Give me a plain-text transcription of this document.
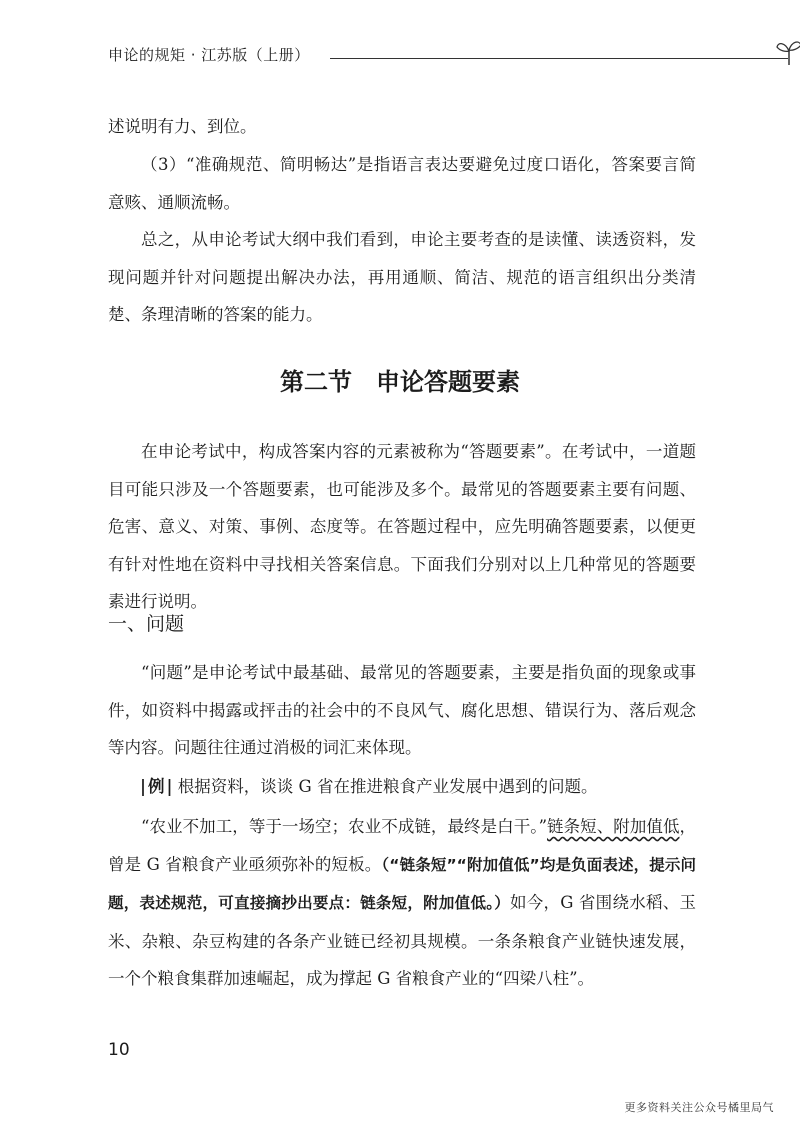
申论的规矩 · 江苏版（上册）

述说明有力、到位。

（3）“准确规范、简明畅达”是指语言表达要避免过度口语化，答案要言简意赅、通顺流畅。

总之，从申论考试大纲中我们看到，申论主要考查的是读懂、读透资料，发现问题并针对问题提出解决办法，再用通顺、简洁、规范的语言组织出分类清楚、条理清晰的答案的能力。

第二节　申论答题要素

在申论考试中，构成答案内容的元素被称为“答题要素”。在考试中，一道题目可能只涉及一个答题要素，也可能涉及多个。最常见的答题要素主要有问题、危害、意义、对策、事例、态度等。在答题过程中，应先明确答题要素，以便更有针对性地在资料中寻找相关答案信息。下面我们分别对以上几种常见的答题要素进行说明。

一、问题

“问题”是申论考试中最基础、最常见的答题要素，主要是指负面的现象或事件，如资料中揭露或抨击的社会中的不良风气、腐化思想、错误行为、落后观念等内容。问题往往通过消极的词汇来体现。

| 例 | 根据资料，谈谈 G 省在推进粮食产业发展中遇到的问题。

“农业不加工，等于一场空；农业不成链，最终是白干。”链条短、附加值低，曾是 G 省粮食产业亟须弥补的短板。（“链条短”“附加值低”均是负面表述，提示问题，表述规范，可直接摘抄出要点：链条短，附加值低。）如今，G 省围绕水稻、玉米、杂粮、杂豆构建的各条产业链已经初具规模。一条条粮食产业链快速发展，一个个粮食集群加速崛起，成为撑起 G 省粮食产业的“四梁八柱”。

10
更多资料关注公众号橘里局气
